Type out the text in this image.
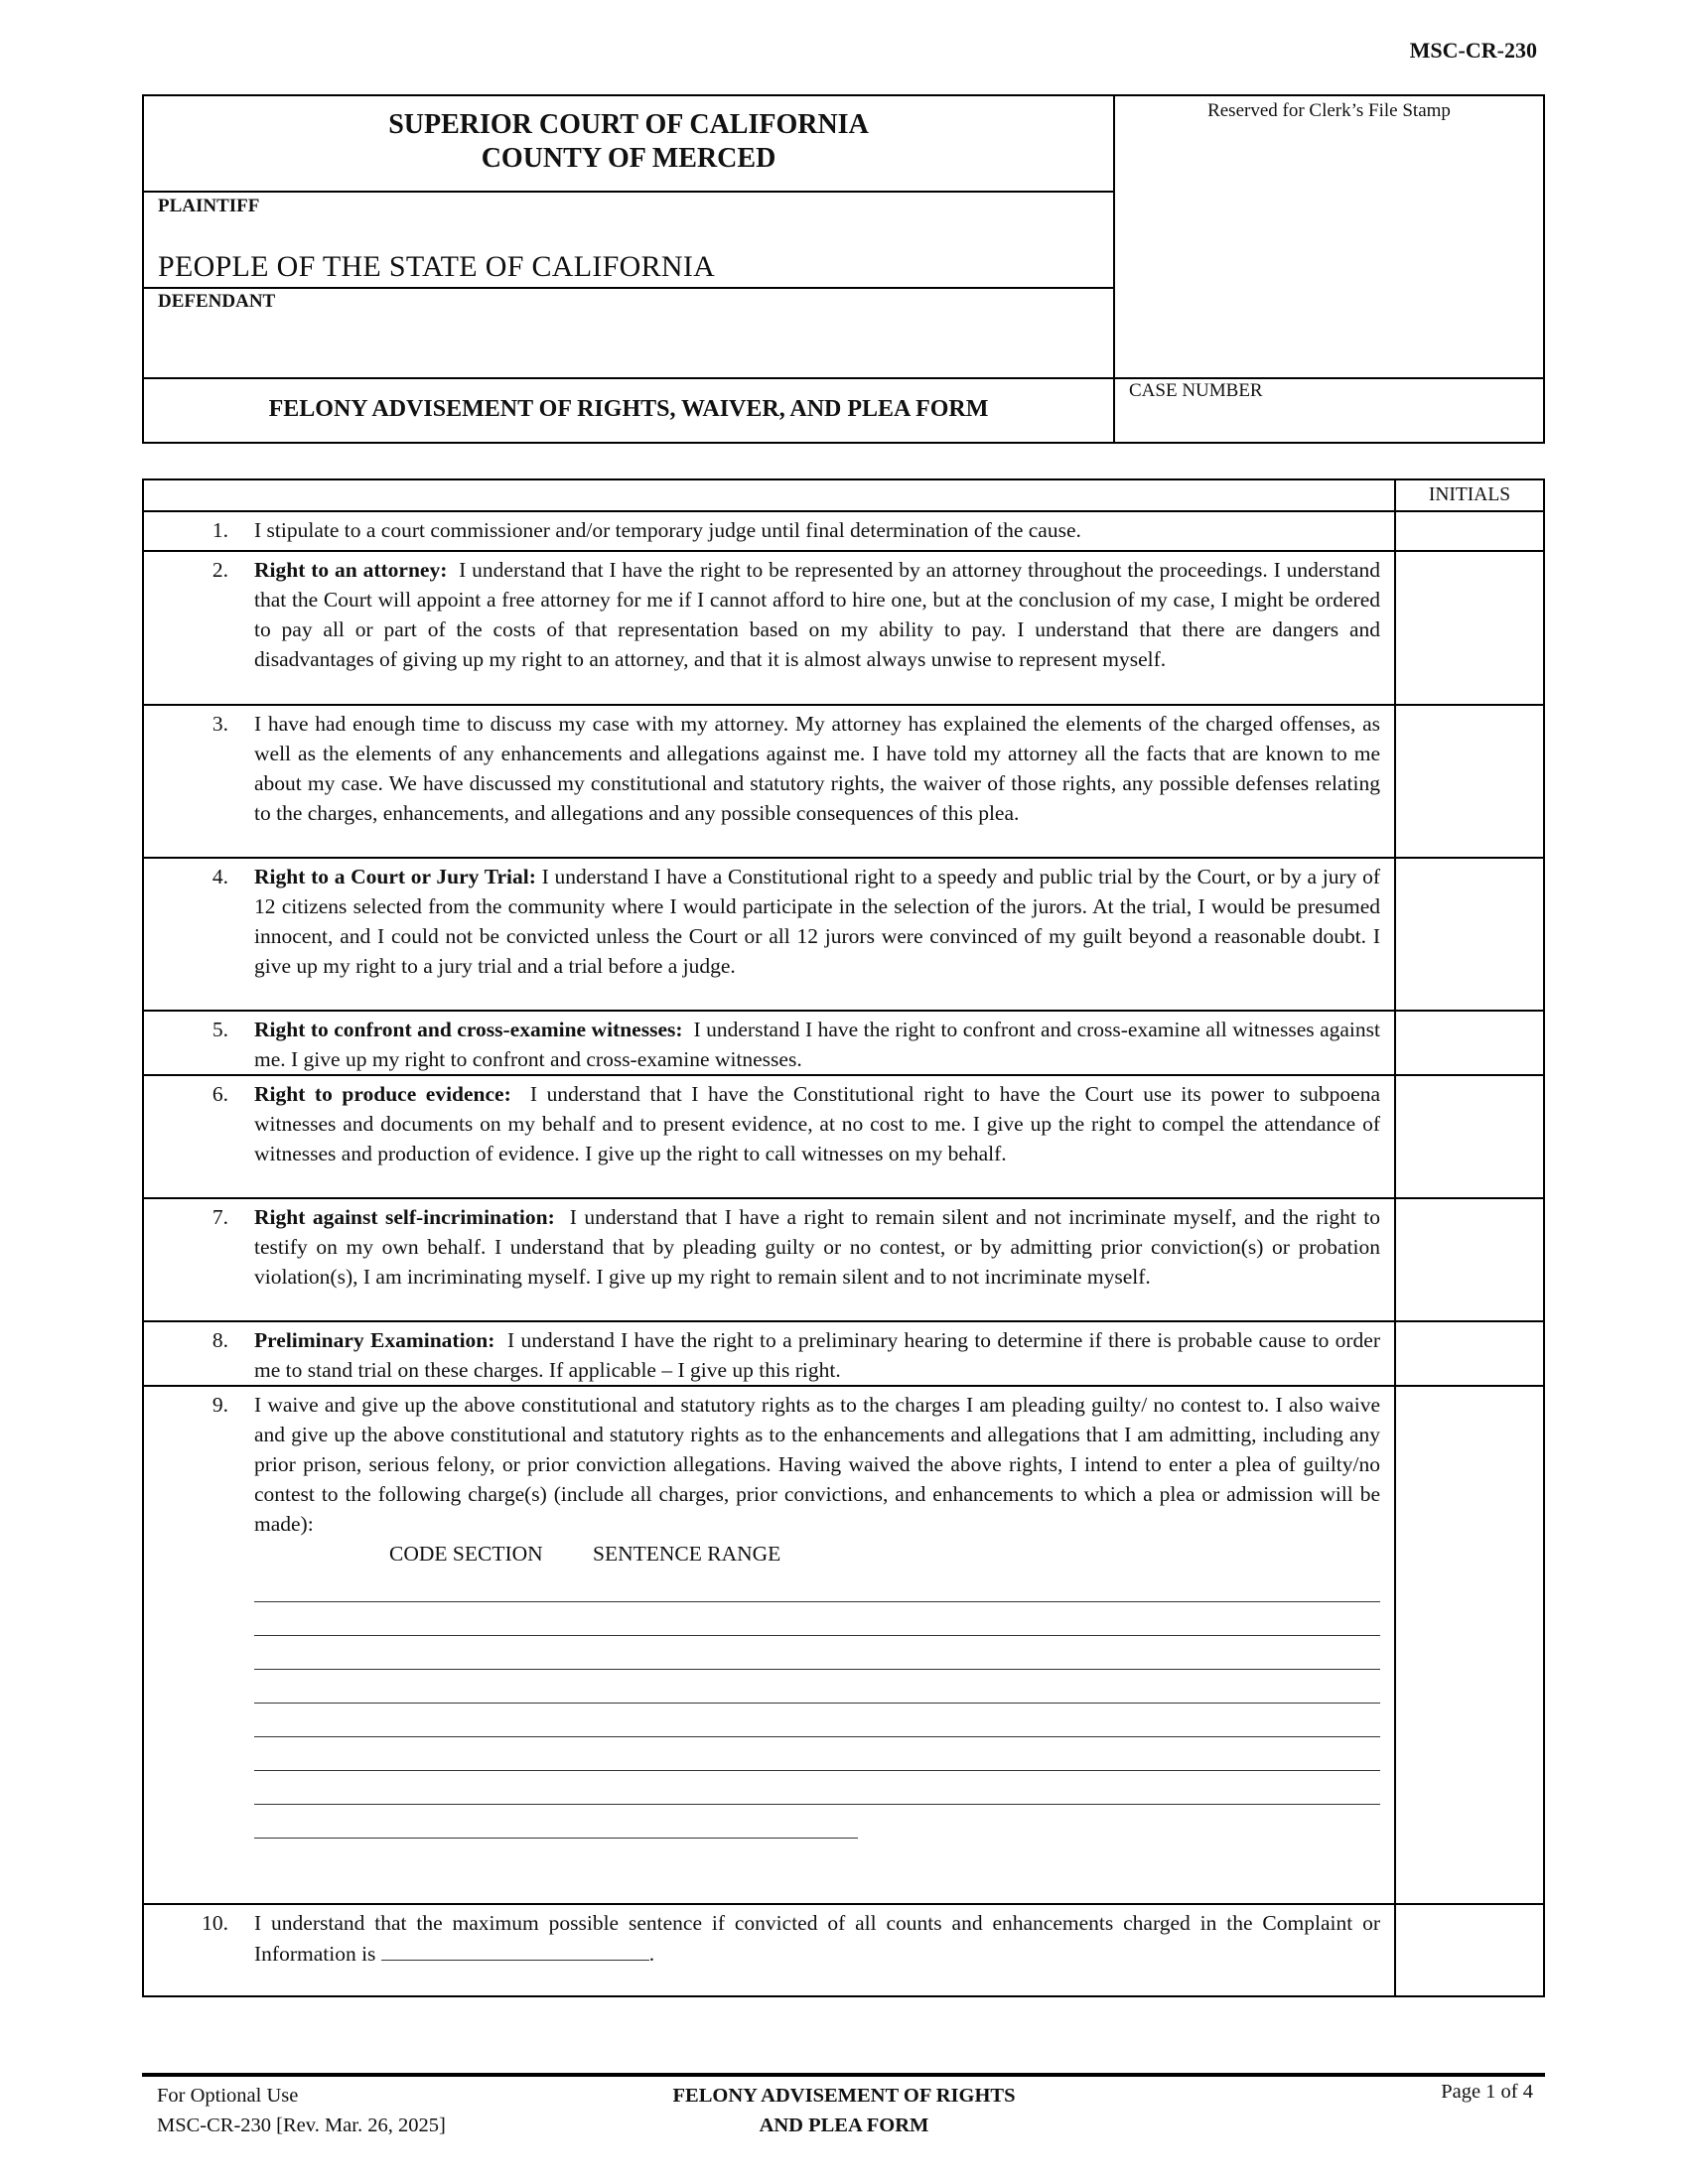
MSC-CR-230
SUPERIOR COURT OF CALIFORNIA
COUNTY OF MERCED
Reserved for Clerk’s File Stamp
PLAINTIFF
PEOPLE OF THE STATE OF CALIFORNIA
DEFENDANT
FELONY ADVISEMENT OF RIGHTS, WAIVER, AND PLEA FORM
CASE NUMBER
		INITIALS
1.	I stipulate to a court commissioner and/or temporary judge until final determination of the cause.	
2.	Right to an attorney: I understand that I have the right to be represented by an attorney throughout the proceedings. I understand that the Court will appoint a free attorney for me if I cannot afford to hire one, but at the conclusion of my case, I might be ordered to pay all or part of the costs of that representation based on my ability to pay. I understand that there are dangers and disadvantages of giving up my right to an attorney, and that it is almost always unwise to represent myself.	
3.	I have had enough time to discuss my case with my attorney. My attorney has explained the elements of the charged offenses, as well as the elements of any enhancements and allegations against me. I have told my attorney all the facts that are known to me about my case. We have discussed my constitutional and statutory rights, the waiver of those rights, any possible defenses relating to the charges, enhancements, and allegations and any possible consequences of this plea.	
4.	Right to a Court or Jury Trial: I understand I have a Constitutional right to a speedy and public trial by the Court, or by a jury of 12 citizens selected from the community where I would participate in the selection of the jurors. At the trial, I would be presumed innocent, and I could not be convicted unless the Court or all 12 jurors were convinced of my guilt beyond a reasonable doubt. I give up my right to a jury trial and a trial before a judge.	
5.	Right to confront and cross-examine witnesses: I understand I have the right to confront and cross-examine all witnesses against me. I give up my right to confront and cross-examine witnesses.	
6.	Right to produce evidence: I understand that I have the Constitutional right to have the Court use its power to subpoena witnesses and documents on my behalf and to present evidence, at no cost to me. I give up the right to compel the attendance of witnesses and production of evidence. I give up the right to call witnesses on my behalf.	
7.	Right against self-incrimination: I understand that I have a right to remain silent and not incriminate myself, and the right to testify on my own behalf. I understand that by pleading guilty or no contest, or by admitting prior conviction(s) or probation violation(s), I am incriminating myself. I give up my right to remain silent and to not incriminate myself.	
8.	Preliminary Examination: I understand I have the right to a preliminary hearing to determine if there is probable cause to order me to stand trial on these charges. If applicable – I give up this right.	
9.	I waive and give up the above constitutional and statutory rights as to the charges I am pleading guilty/ no contest to. I also waive and give up the above constitutional and statutory rights as to the enhancements and allegations that I am admitting, including any prior prison, serious felony, or prior conviction allegations. Having waived the above rights, I intend to enter a plea of guilty/no contest to the following charge(s) (include all charges, prior convictions, and enhancements to which a plea or admission will be made):
CODE SECTION SENTENCE RANGE	

10.	I understand that the maximum possible sentence if convicted of all counts and enhancements charged in the Complaint or Information is .	
For Optional Use
MSC-CR-230 [Rev. Mar. 26, 2025]
FELONY ADVISEMENT OF RIGHTS
AND PLEA FORM
Page 1 of 4
